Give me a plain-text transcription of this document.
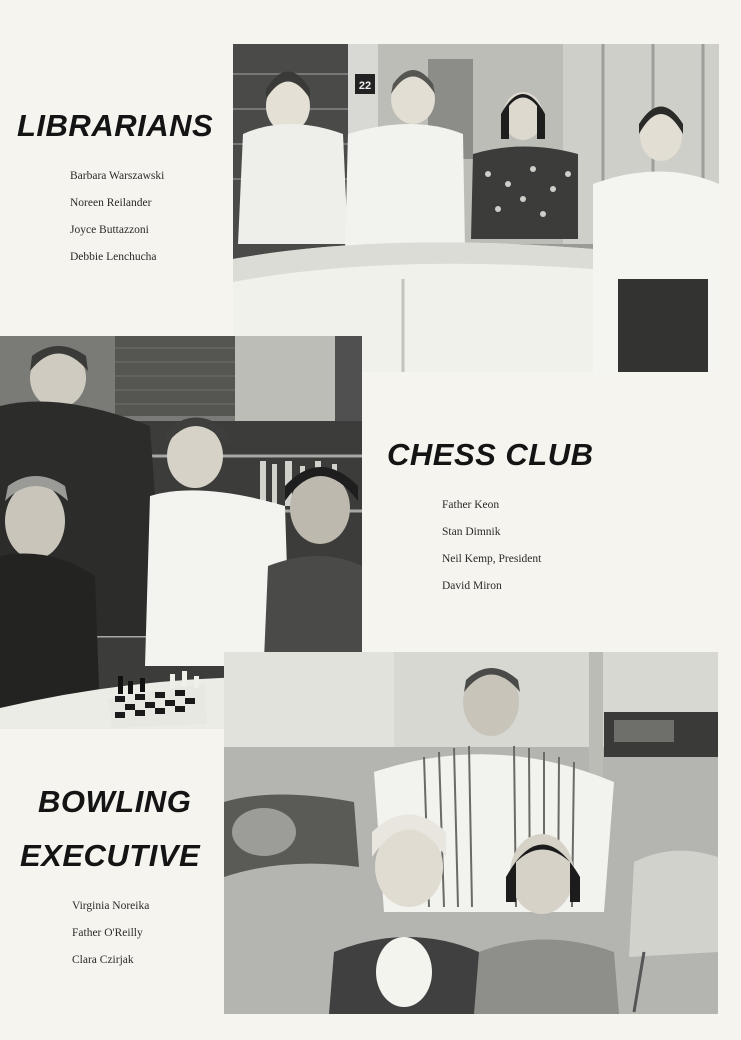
LIBRARIANS
Barbara Warszawski
Noreen Reilander
Joyce Buttazzoni
Debbie Lenchucha
22
CHESS CLUB
Father Keon
Stan Dimnik
Neil Kemp, President
David Miron
BOWLING
EXECUTIVE
Virginia Noreika
Father O'Reilly
Clara Czirjak
